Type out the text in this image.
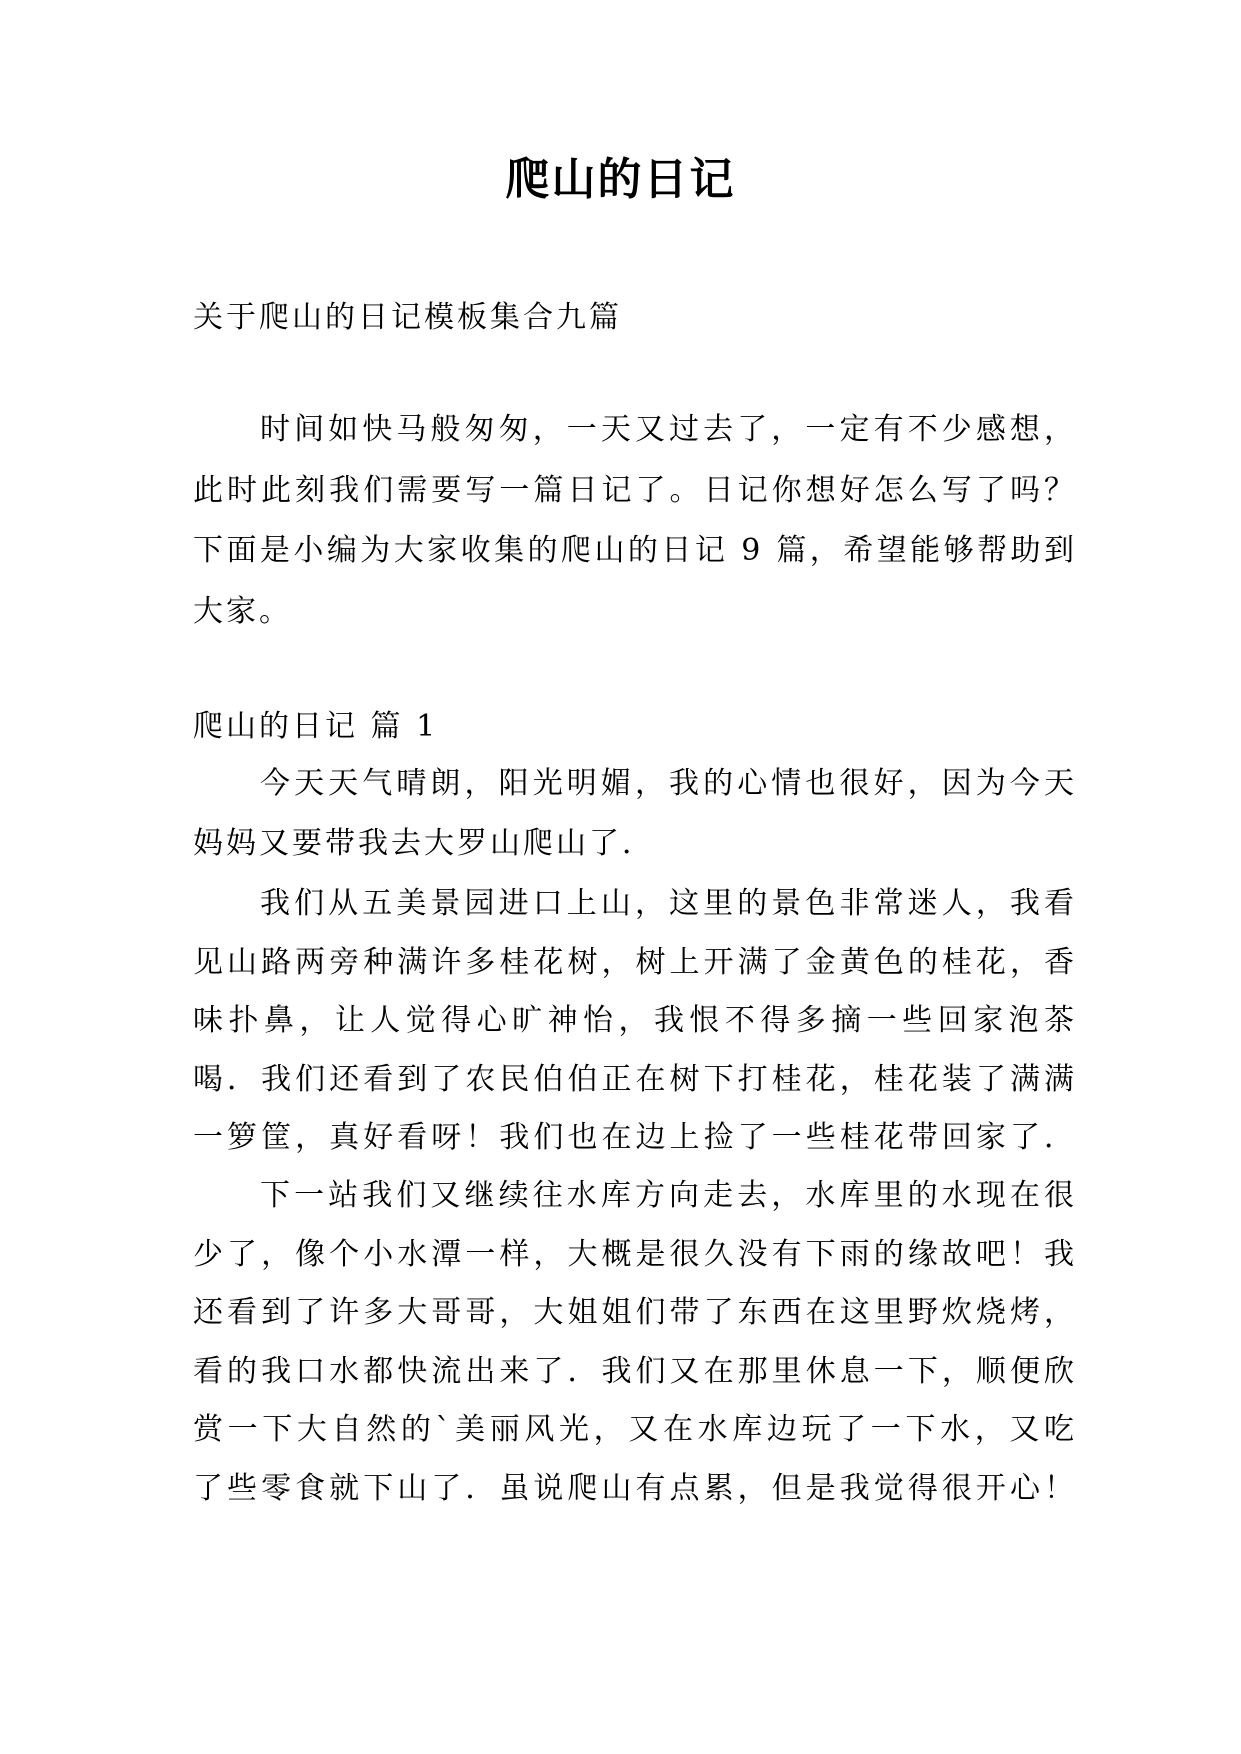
爬山的日记
关于爬山的日记模板集合九篇
时间如快马般匆匆，一天又过去了，一定有不少感想，
此时此刻我们需要写一篇日记了。日记你想好怎么写了吗？
下面是小编为大家收集的爬山的日记 9 篇，希望能够帮助到
大家。
爬山的日记 篇 1
今天天气晴朗，阳光明媚，我的心情也很好，因为今天
妈妈又要带我去大罗山爬山了．
我们从五美景园进口上山，这里的景色非常迷人，我看
见山路两旁种满许多桂花树，树上开满了金黄色的桂花，香
味扑鼻，让人觉得心旷神怡，我恨不得多摘一些回家泡茶
喝．我们还看到了农民伯伯正在树下打桂花，桂花装了满满
一箩筐，真好看呀！我们也在边上捡了一些桂花带回家了．
下一站我们又继续往水库方向走去，水库里的水现在很
少了，像个小水潭一样，大概是很久没有下雨的缘故吧！我
还看到了许多大哥哥，大姐姐们带了东西在这里野炊烧烤，
看的我口水都快流出来了．我们又在那里休息一下，顺便欣
赏一下大自然的`美丽风光，又在水库边玩了一下水，又吃
了些零食就下山了．虽说爬山有点累，但是我觉得很开心！
